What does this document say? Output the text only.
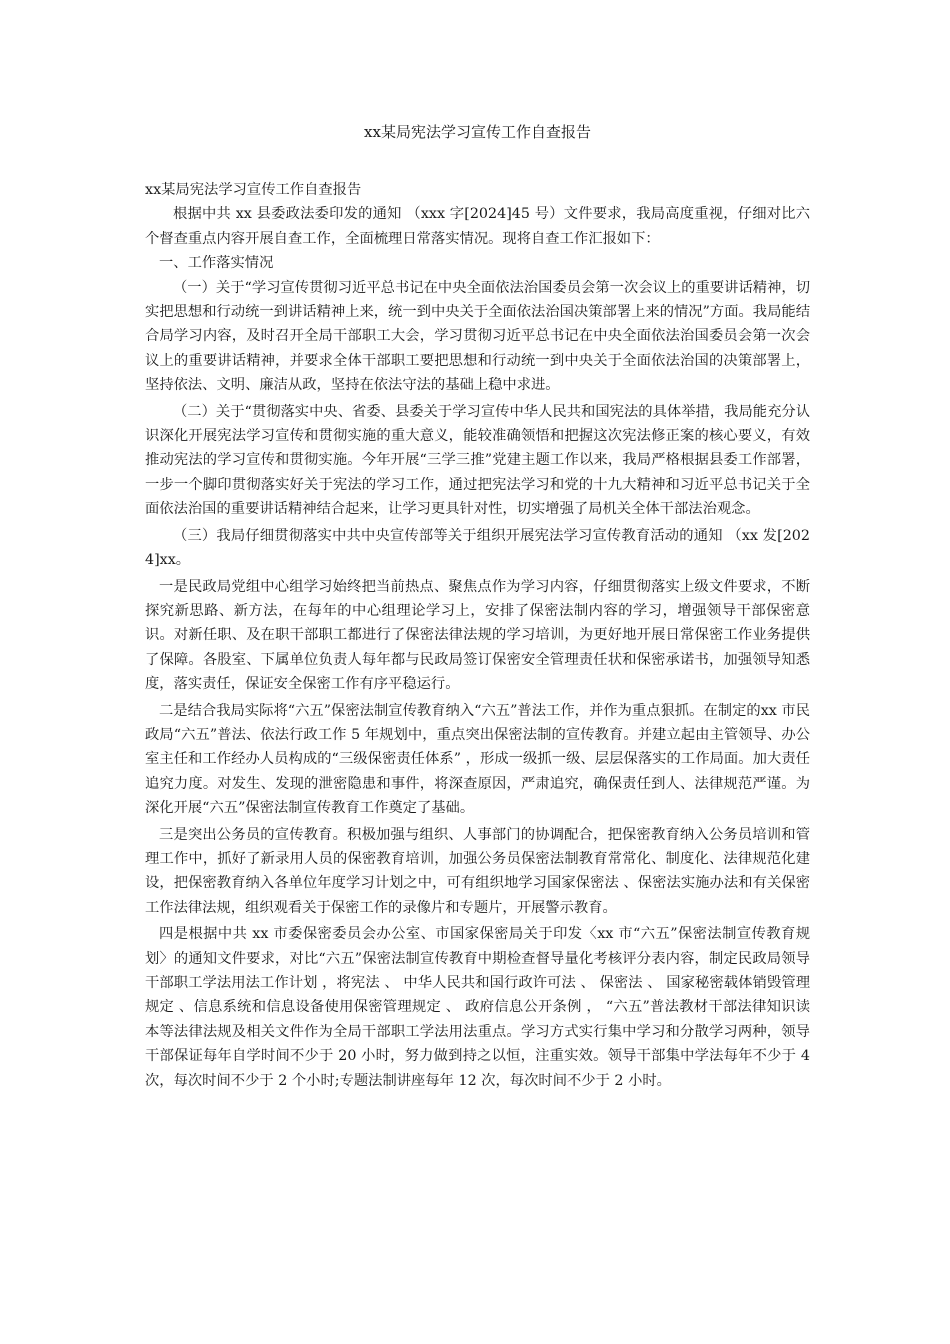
xx某局宪法学习宣传工作自查报告

xx某局宪法学习宣传工作自查报告

根据中共 xx 县委政法委印发的通知 （xxx 字[2024]45 号）文件要求，我局高度重视，仔细对比六个督查重点内容开展自查工作，全面梳理日常落实情况。现将自查工作汇报如下：

一、工作落实情况

（一）关于“学习宣传贯彻习近平总书记在中央全面依法治国委员会第一次会议上的重要讲话精神，切实把思想和行动统一到讲话精神上来，统一到中央关于全面依法治国决策部署上来的情况”方面。我局能结合局学习内容，及时召开全局干部职工大会，学习贯彻习近平总书记在中央全面依法治国委员会第一次会议上的重要讲话精神，并要求全体干部职工要把思想和行动统一到中央关于全面依法治国的决策部署上，坚持依法、文明、廉洁从政，坚持在依法守法的基础上稳中求进。

（二）关于“贯彻落实中央、省委、县委关于学习宣传中华人民共和国宪法的具体举措，我局能充分认识深化开展宪法学习宣传和贯彻实施的重大意义，能较准确领悟和把握这次宪法修正案的核心要义，有效推动宪法的学习宣传和贯彻实施。今年开展“三学三推”党建主题工作以来，我局严格根据县委工作部署，一步一个脚印贯彻落实好关于宪法的学习工作，通过把宪法学习和党的十九大精神和习近平总书记关于全面依法治国的重要讲话精神结合起来，让学习更具针对性，切实增强了局机关全体干部法治观念。

（三）我局仔细贯彻落实中共中央宣传部等关于组织开展宪法学习宣传教育活动的通知 （xx 发[2024]xx。

一是民政局党组中心组学习始终把当前热点、聚焦点作为学习内容，仔细贯彻落实上级文件要求，不断探究新思路、新方法，在每年的中心组理论学习上，安排了保密法制内容的学习，增强领导干部保密意识。对新任职、及在职干部职工都进行了保密法律法规的学习培训，为更好地开展日常保密工作业务提供了保障。各股室、下属单位负责人每年都与民政局签订保密安全管理责任状和保密承诺书，加强领导知悉度，落实责任，保证安全保密工作有序平稳运行。

二是结合我局实际将“六五”保密法制宣传教育纳入“六五”普法工作，并作为重点狠抓。在制定的xx 市民政局“六五”普法、依法行政工作 5 年规划中，重点突出保密法制的宣传教育。并建立起由主管领导、办公室主任和工作经办人员构成的“三级保密责任体系” ，形成一级抓一级、层层保落实的工作局面。加大责任追究力度。对发生、发现的泄密隐患和事件，将深查原因，严肃追究，确保责任到人、法律规范严谨。为深化开展“六五”保密法制宣传教育工作奠定了基础。

三是突出公务员的宣传教育。积极加强与组织、人事部门的协调配合，把保密教育纳入公务员培训和管理工作中，抓好了新录用人员的保密教育培训，加强公务员保密法制教育常常化、制度化、法律规范化建设，把保密教育纳入各单位年度学习计划之中，可有组织地学习国家保密法 、保密法实施办法和有关保密工作法律法规，组织观看关于保密工作的录像片和专题片，开展警示教育。

四是根据中共 xx 市委保密委员会办公室、市国家保密局关于印发〈xx 市“六五”保密法制宣传教育规划〉的通知文件要求，对比“六五”保密法制宣传教育中期检查督导量化考核评分表内容，制定民政局领导干部职工学法用法工作计划 ，将宪法 、 中华人民共和国行政许可法 、 保密法 、 国家秘密载体销毁管理规定 、信息系统和信息设备使用保密管理规定 、 政府信息公开条例 ， “六五”普法教材干部法律知识读本等法律法规及相关文件作为全局干部职工学法用法重点。学习方式实行集中学习和分散学习两种，领导干部保证每年自学时间不少于 20 小时，努力做到持之以恒，注重实效。领导干部集中学法每年不少于 4 次，每次时间不少于 2 个小时;专题法制讲座每年 12 次，每次时间不少于 2 小时。
